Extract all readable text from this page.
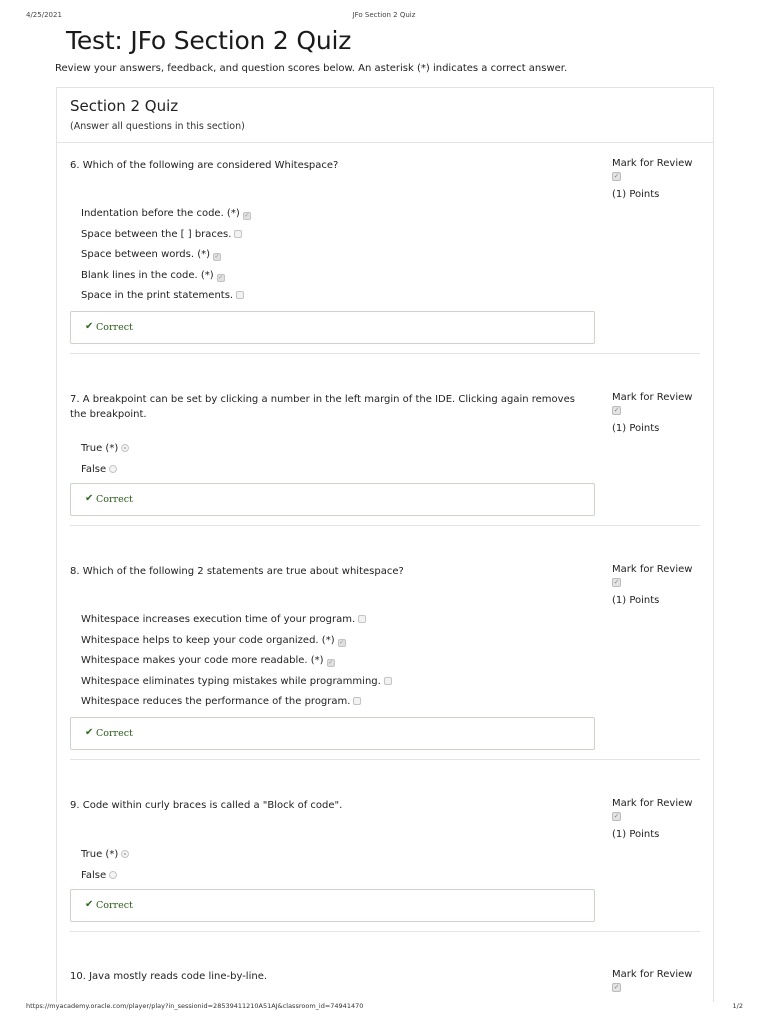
4/25/2021	JFo Section 2 Quiz
Test: JFo Section 2 Quiz
Review your answers, feedback, and question scores below. An asterisk (*) indicates a correct answer.
Section 2 Quiz
(Answer all questions in this section)
6. Which of the following are considered Whitespace?	Mark for Review
✓
(1) Points
Indentation before the code. (*) ✓
Space between the [ ] braces.
Space between words. (*) ✓
Blank lines in the code. (*) ✓
Space in the print statements.
✔ Correct
7. A breakpoint can be set by clicking a number in the left margin of the IDE. Clicking again removes the breakpoint.
Mark for Review
✓
(1) Points
True (*)
False
✔ Correct
8. Which of the following 2 statements are true about whitespace?	Mark for Review
✓
(1) Points
Whitespace increases execution time of your program.
Whitespace helps to keep your code organized. (*) ✓
Whitespace makes your code more readable. (*) ✓
Whitespace eliminates typing mistakes while programming.
Whitespace reduces the performance of the program.
✔ Correct
9. Code within curly braces is called a "Block of code".	Mark for Review
✓
(1) Points
True (*)
False
✔ Correct
10. Java mostly reads code line-by-line.	Mark for Review
✓
https://myacademy.oracle.com/player/play?in_sessionid=28539411210A51AJ&classroom_id=74941470	1/2
